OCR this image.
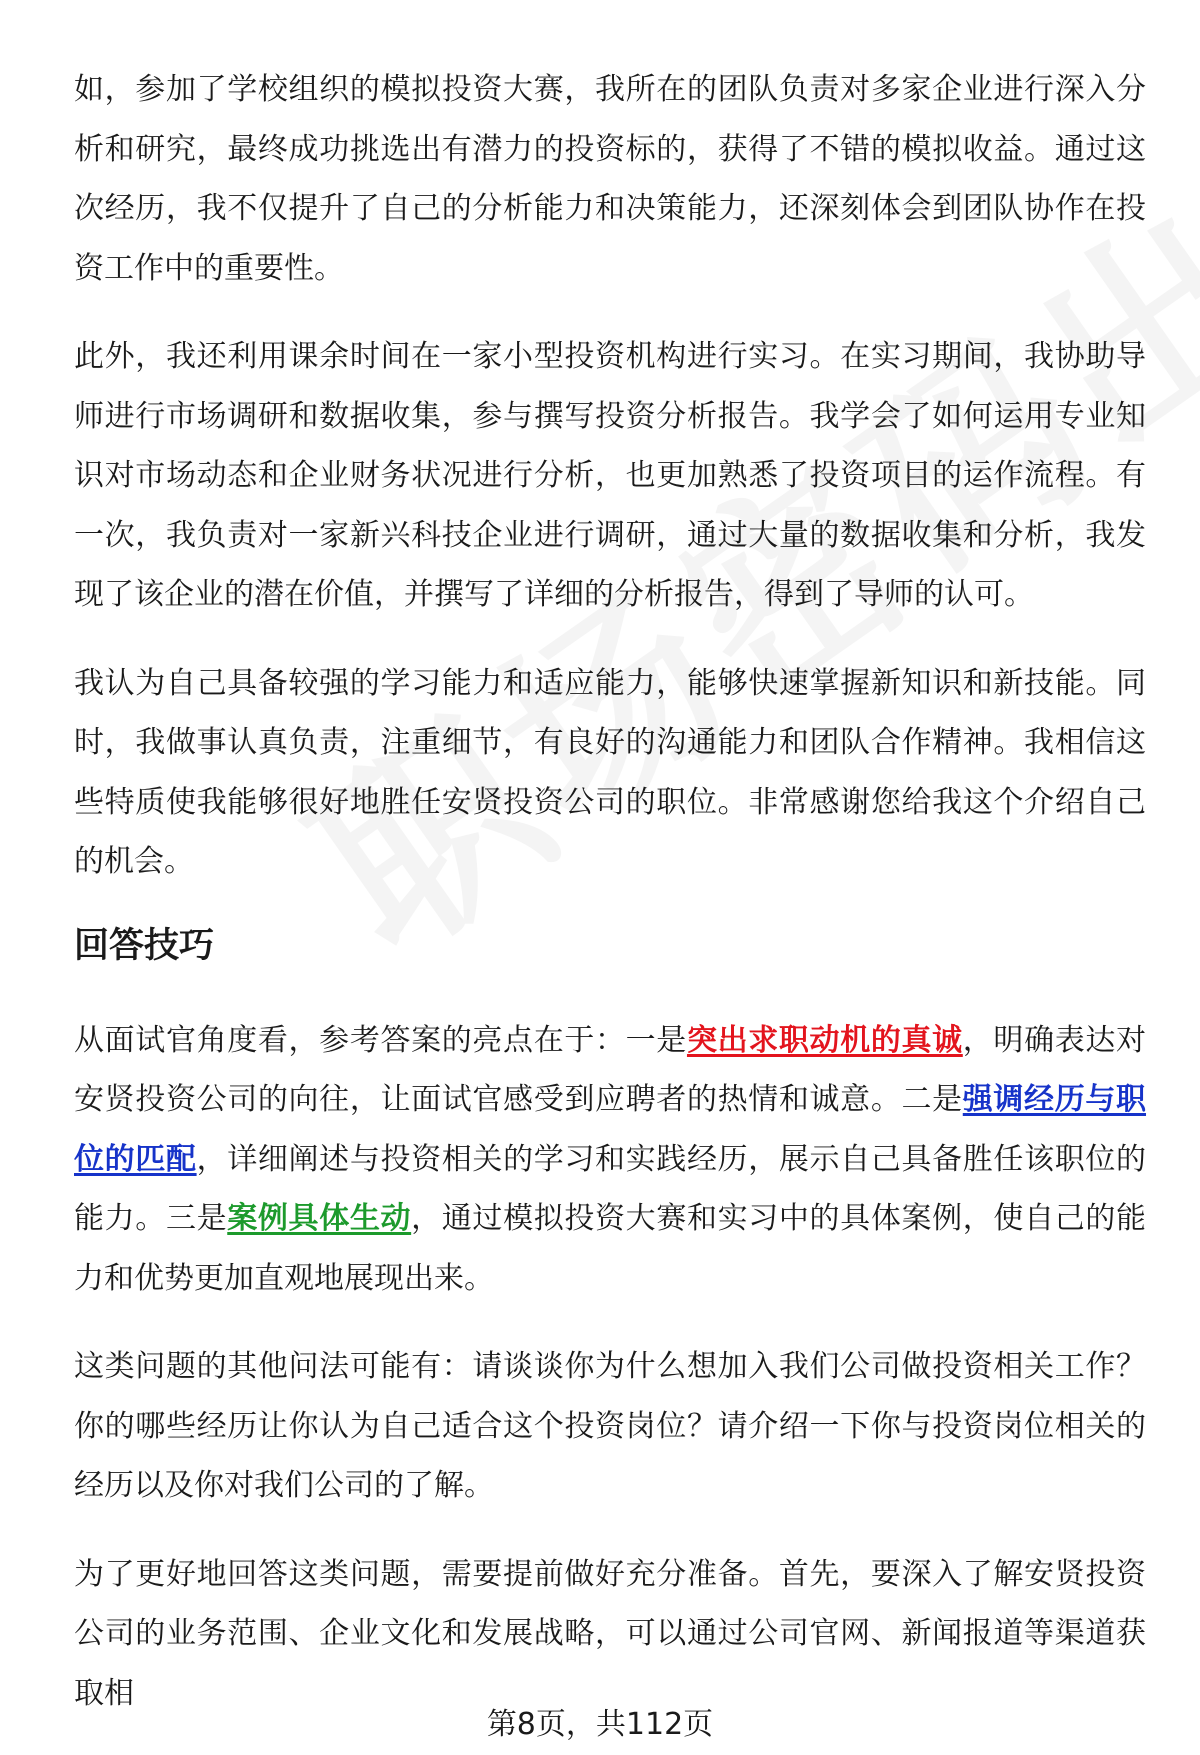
如，参加了学校组织的模拟投资大赛，我所在的团队负责对多家企业进行深入分析和研究，最终成功挑选出有潜力的投资标的，获得了不错的模拟收益。通过这次经历，我不仅提升了自己的分析能力和决策能力，还深刻体会到团队协作在投资工作中的重要性。

此外，我还利用课余时间在一家小型投资机构进行实习。在实习期间，我协助导师进行市场调研和数据收集，参与撰写投资分析报告。我学会了如何运用专业知识对市场动态和企业财务状况进行分析，也更加熟悉了投资项目的运作流程。有一次，我负责对一家新兴科技企业进行调研，通过大量的数据收集和分析，我发现了该企业的潜在价值，并撰写了详细的分析报告，得到了导师的认可。

我认为自己具备较强的学习能力和适应能力，能够快速掌握新知识和新技能。同时，我做事认真负责，注重细节，有良好的沟通能力和团队合作精神。我相信这些特质使我能够很好地胜任安贤投资公司的职位。非常感谢您给我这个介绍自己的机会。

回答技巧

从面试官角度看，参考答案的亮点在于：一是突出求职动机的真诚，明确表达对安贤投资公司的向往，让面试官感受到应聘者的热情和诚意。二是强调经历与职位的匹配，详细阐述与投资相关的学习和实践经历，展示自己具备胜任该职位的能力。三是案例具体生动，通过模拟投资大赛和实习中的具体案例，使自己的能力和优势更加直观地展现出来。

这类问题的其他问法可能有：请谈谈你为什么想加入我们公司做投资相关工作？你的哪些经历让你认为自己适合这个投资岗位？请介绍一下你与投资岗位相关的经历以及你对我们公司的了解。

为了更好地回答这类问题，需要提前做好充分准备。首先，要深入了解安贤投资公司的业务范围、企业文化和发展战略，可以通过公司官网、新闻报道等渠道获取相

第8页，共112页
